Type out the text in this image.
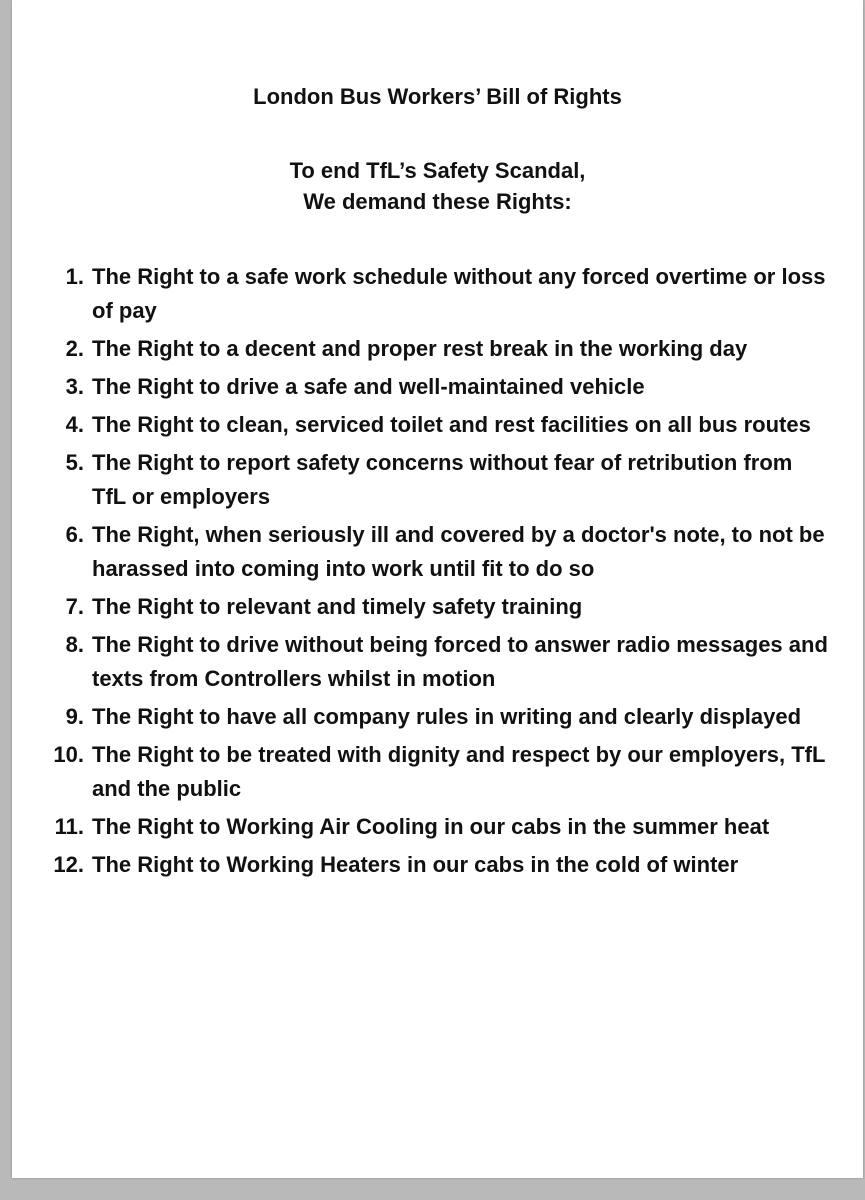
London Bus Workers’ Bill of Rights
To end TfL’s Safety Scandal,
We demand these Rights:
1. The Right to a safe work schedule without any forced overtime or loss of pay
2. The Right to a decent and proper rest break in the working day
3. The Right to drive a safe and well-maintained vehicle
4. The Right to clean, serviced toilet and rest facilities on all bus routes
5. The Right to report safety concerns without fear of retribution from TfL or employers
6. The Right, when seriously ill and covered by a doctor's note, to not be harassed into coming into work until fit to do so
7. The Right to relevant and timely safety training
8. The Right to drive without being forced to answer radio messages and texts from Controllers whilst in motion
9. The Right to have all company rules in writing and clearly displayed
10. The Right to be treated with dignity and respect by our employers, TfL and the public
11. The Right to Working Air Cooling in our cabs in the summer heat
12. The Right to Working Heaters in our cabs in the cold of winter
